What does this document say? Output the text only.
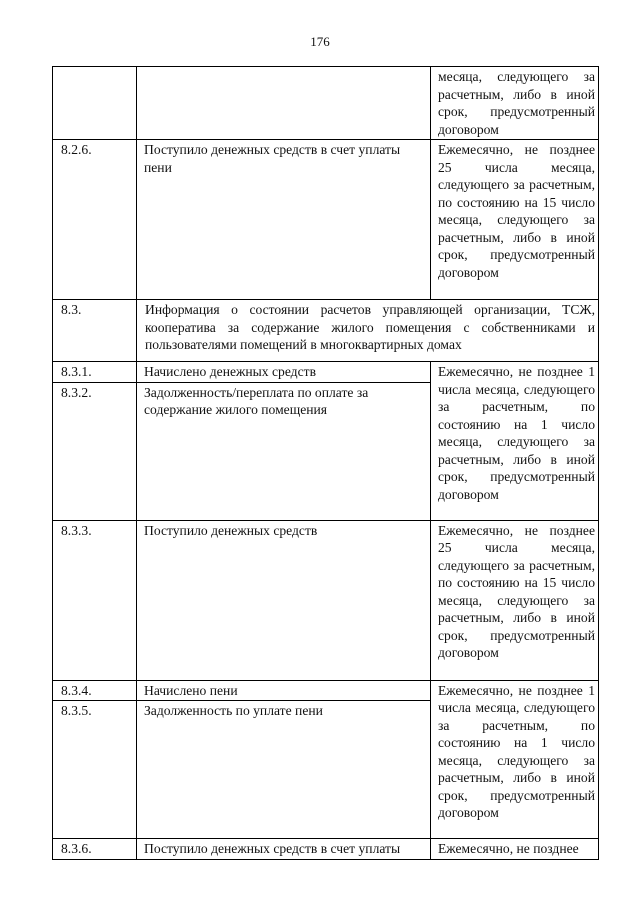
176
		месяца, следующего за расчетным, либо в иной срок, предусмотренный договором
8.2.6.	Поступило денежных средств в счет уплаты пени	Ежемесячно, не позднее 25 числа месяца, следующего за расчетным, по состоянию на 15 число месяца, следующего за расчетным, либо в иной срок, предусмотренный договором
8.3.	Информация о состоянии расчетов управляющей организации, ТСЖ, кооператива за содержание жилого помещения с собственниками и пользователями помещений в многоквартирных домах	
8.3.1.	Начислено денежных средств	Ежемесячно, не позднее 1 числа месяца, следующего за расчетным, по состоянию на 1 число месяца, следующего за расчетным, либо в иной срок, предусмотренный договором
8.3.2.	Задолженность/переплата по оплате за содержание жилого помещения	
8.3.3.	Поступило денежных средств	Ежемесячно, не позднее 25 числа месяца, следующего за расчетным, по состоянию на 15 число месяца, следующего за расчетным, либо в иной срок, предусмотренный договором
8.3.4.	Начислено пени	Ежемесячно, не позднее 1 числа месяца, следующего за расчетным, по состоянию на 1 число месяца, следующего за расчетным, либо в иной срок, предусмотренный договором
8.3.5.	Задолженность по уплате пени	
8.3.6.	Поступило денежных средств в счет уплаты	Ежемесячно, не позднее
